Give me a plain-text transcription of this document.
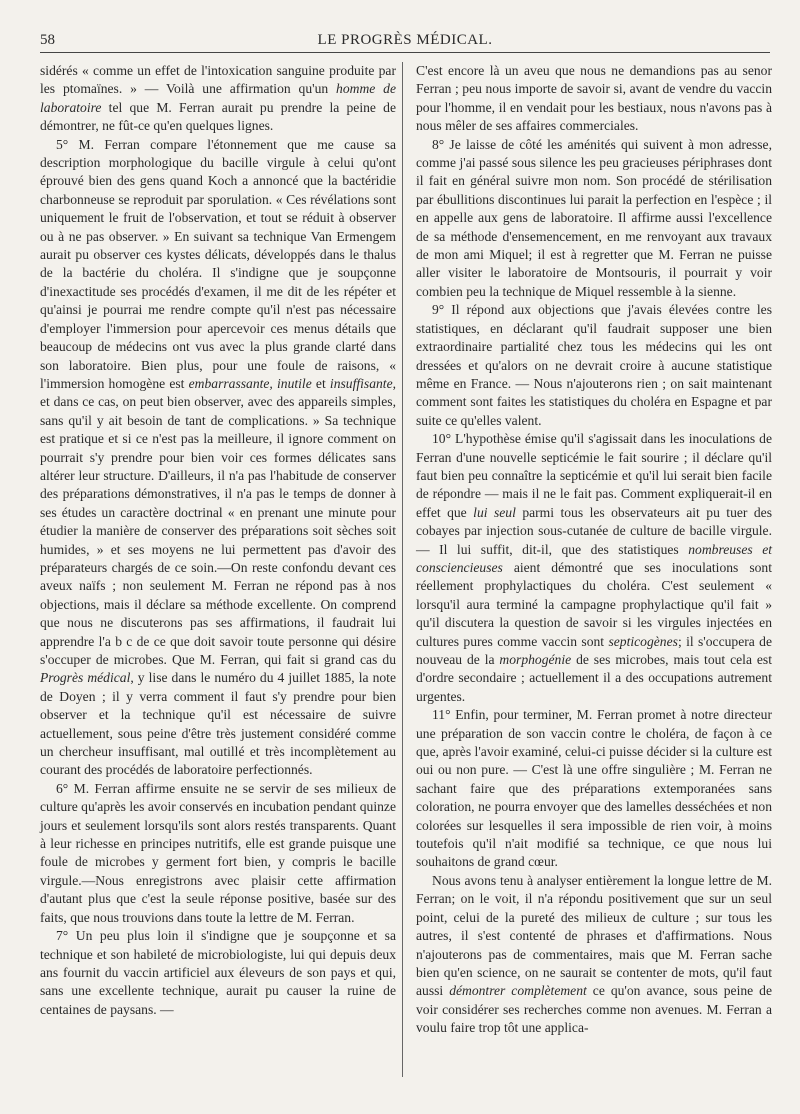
58	LE PROGRÈS MÉDICAL.

sidérés « comme un effet de l'intoxication sanguine produite par les ptomaïnes. » — Voilà une affirmation qu'un homme de laboratoire tel que M. Ferran aurait pu prendre la peine de démontrer, ne fût-ce qu'en quelques lignes.

5° M. Ferran compare l'étonnement que me cause sa description morphologique du bacille virgule à celui qu'ont éprouvé bien des gens quand Koch a annoncé que la bactéridie charbonneuse se reproduit par sporulation. « Ces révélations sont uniquement le fruit de l'observation, et tout se réduit à observer ou à ne pas observer. » En suivant sa technique Van Ermengem aurait pu observer ces kystes délicats, développés dans le thalus de la bactérie du choléra. Il s'indigne que je soupçonne d'inexactitude ses procédés d'examen, il me dit de les répéter et qu'ainsi je pourrai me rendre compte qu'il n'est pas nécessaire d'employer l'immersion pour apercevoir ces menus détails que beaucoup de médecins ont vus avec la plus grande clarté dans son laboratoire. Bien plus, pour une foule de raisons, « l'immersion homogène est embarrassante, inutile et insuffisante, et dans ce cas, on peut bien observer, avec des appareils simples, sans qu'il y ait besoin de tant de complications. » Sa technique est pratique et si ce n'est pas la meilleure, il ignore comment on pourrait s'y prendre pour bien voir ces formes délicates sans altérer leur structure. D'ailleurs, il n'a pas l'habitude de conserver des préparations démonstratives, il n'a pas le temps de donner à ses études un caractère doctrinal « en prenant une minute pour étudier la manière de conserver des préparations soit sèches soit humides, » et ses moyens ne lui permettent pas d'avoir des préparateurs chargés de ce soin.—On reste confondu devant ces aveux naïfs ; non seulement M. Ferran ne répond pas à nos objections, mais il déclare sa méthode excellente. On comprend que nous ne discuterons pas ses affirmations, il faudrait lui apprendre l'a b c de ce que doit savoir toute personne qui désire s'occuper de microbes. Que M. Ferran, qui fait si grand cas du Progrès médical, y lise dans le numéro du 4 juillet 1885, la note de Doyen ; il y verra comment il faut s'y prendre pour bien observer et la technique qu'il est nécessaire de suivre actuellement, sous peine d'être très justement considéré comme un chercheur insuffisant, mal outillé et très incomplètement au courant des procédés de laboratoire perfectionnés.

6° M. Ferran affirme ensuite ne se servir de ses milieux de culture qu'après les avoir conservés en incubation pendant quinze jours et seulement lorsqu'ils sont alors restés transparents. Quant à leur richesse en principes nutritifs, elle est grande puisque une foule de microbes y germent fort bien, y compris le bacille virgule.—Nous enregistrons avec plaisir cette affirmation d'autant plus que c'est la seule réponse positive, basée sur des faits, que nous trouvions dans toute la lettre de M. Ferran.

7° Un peu plus loin il s'indigne que je soupçonne et sa technique et son habileté de microbiologiste, lui qui depuis deux ans fournit du vaccin artificiel aux éleveurs de son pays et qui, sans une excellente technique, aurait pu causer la ruine de centaines de paysans. —

C'est encore là un aveu que nous ne demandions pas au senor Ferran ; peu nous importe de savoir si, avant de vendre du vaccin pour l'homme, il en vendait pour les bestiaux, nous n'avons pas à nous mêler de ses affaires commerciales.

8° Je laisse de côté les aménités qui suivent à mon adresse, comme j'ai passé sous silence les peu gracieuses périphrases dont il fait en général suivre mon nom. Son procédé de stérilisation par ébullitions discontinues lui parait la perfection en l'espèce ; il en appelle aux gens de laboratoire. Il affirme aussi l'excellence de sa méthode d'ensemencement, en me renvoyant aux travaux de mon ami Miquel; il est à regretter que M. Ferran ne puisse aller visiter le laboratoire de Montsouris, il pourrait y voir combien peu la technique de Miquel ressemble à la sienne.

9° Il répond aux objections que j'avais élevées contre les statistiques, en déclarant qu'il faudrait supposer une bien extraordinaire partialité chez tous les médecins qui les ont dressées et qu'alors on ne devrait croire à aucune statistique même en France. — Nous n'ajouterons rien ; on sait maintenant comment sont faites les statistiques du choléra en Espagne et par suite ce qu'elles valent.

10° L'hypothèse émise qu'il s'agissait dans les inoculations de Ferran d'une nouvelle septicémie le fait sourire ; il déclare qu'il faut bien peu connaître la septicémie et qu'il lui serait bien facile de répondre — mais il ne le fait pas. Comment expliquerait-il en effet que lui seul parmi tous les observateurs ait pu tuer des cobayes par injection sous-cutanée de culture de bacille virgule. — Il lui suffit, dit-il, que des statistiques nombreuses et consciencieuses aient démontré que ses inoculations sont réellement prophylactiques du choléra. C'est seulement « lorsqu'il aura terminé la campagne prophylactique qu'il fait » qu'il discutera la question de savoir si les virgules injectées en cultures pures comme vaccin sont septicogènes; il s'occupera de nouveau de la morphogénie de ses microbes, mais tout cela est d'ordre secondaire ; actuellement il a des occupations autrement urgentes.

11° Enfin, pour terminer, M. Ferran promet à notre directeur une préparation de son vaccin contre le choléra, de façon à ce que, après l'avoir examiné, celui-ci puisse décider si la culture est oui ou non pure. — C'est là une offre singulière ; M. Ferran ne sachant faire que des préparations extemporanées sans coloration, ne pourra envoyer que des lamelles desséchées et non colorées sur lesquelles il sera impossible de rien voir, à moins toutefois qu'il n'ait modifié sa technique, ce que nous lui souhaitons de grand cœur.

Nous avons tenu à analyser entièrement la longue lettre de M. Ferran; on le voit, il n'a répondu positivement que sur un seul point, celui de la pureté des milieux de culture ; sur tous les autres, il s'est contenté de phrases et d'affirmations. Nous n'ajouterons pas de commentaires, mais que M. Ferran sache bien qu'en science, on ne saurait se contenter de mots, qu'il faut aussi démontrer complètement ce qu'on avance, sous peine de voir considérer ses recherches comme non avenues. M. Ferran a voulu faire trop tôt une applica-
